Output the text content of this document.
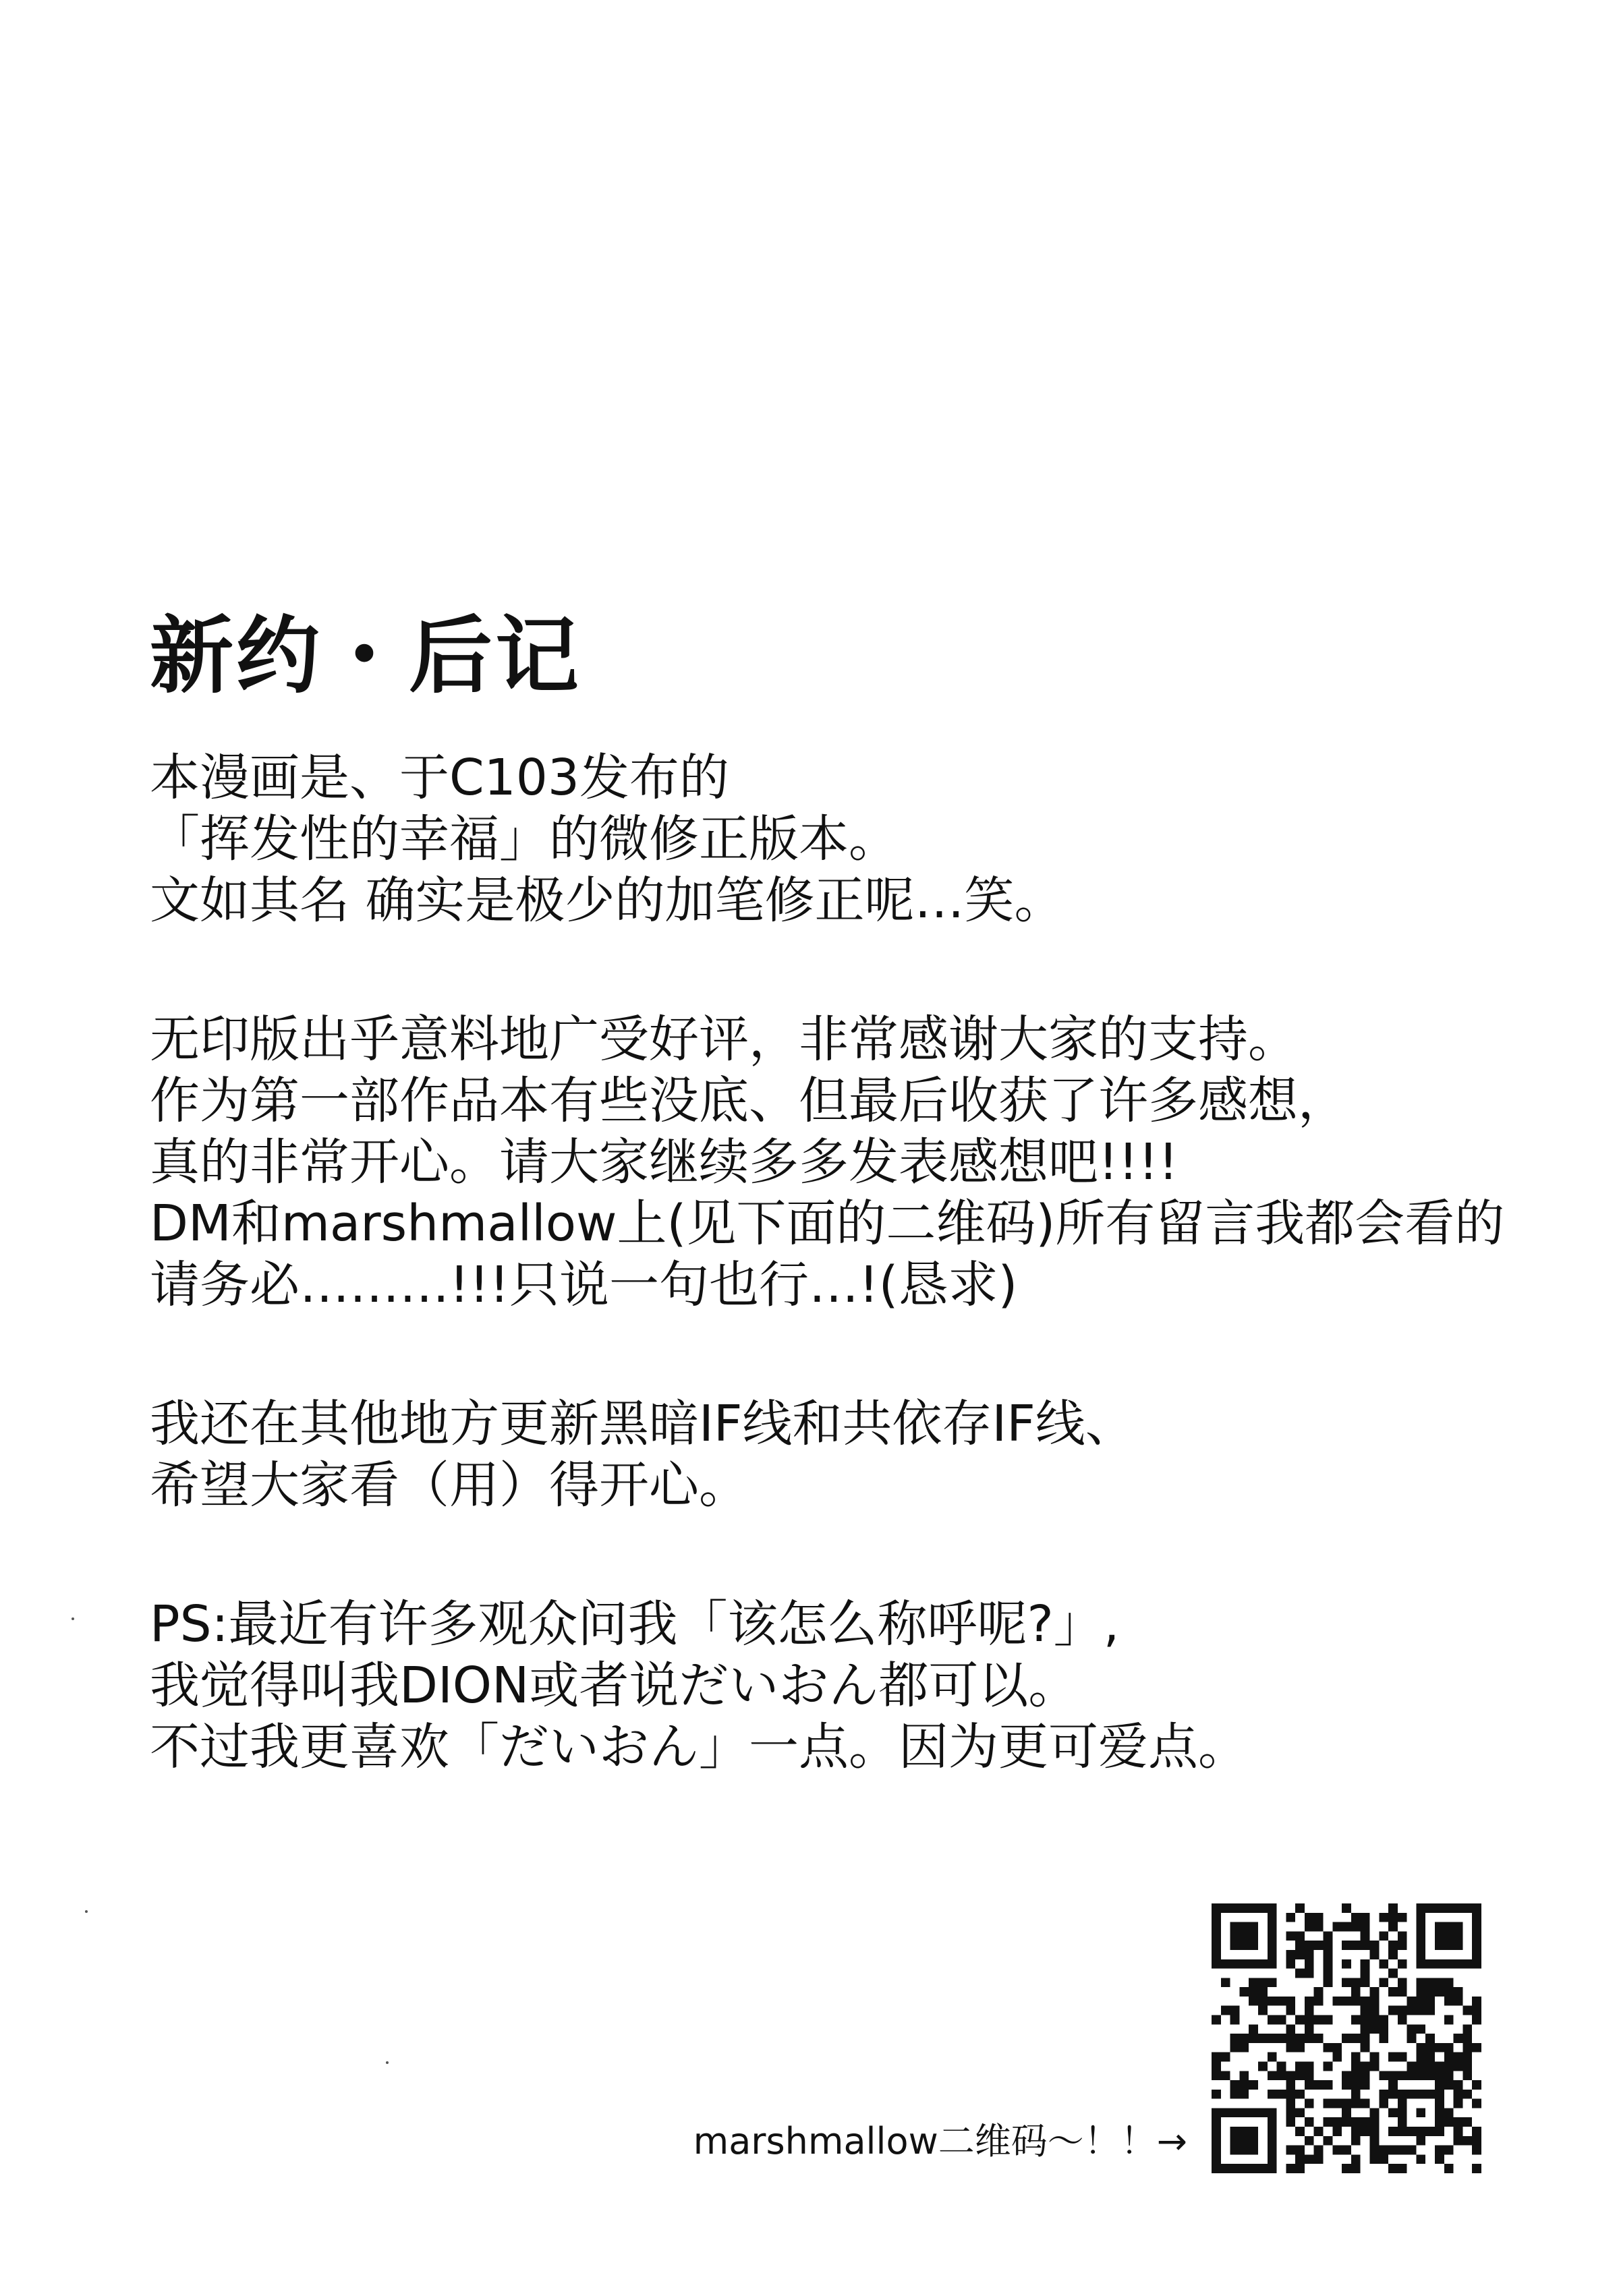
新约・后记
本漫画是、于C103发布的
「挥发性的幸福」的微修正版本。
文如其名 确实是极少的加笔修正呢…笑。
无印版出乎意料地广受好评，非常感谢大家的支持。
作为第一部作品本有些没底、但最后收获了许多感想，
真的非常开心。请大家继续多多发表感想吧!!!!
DM和marshmallow上(见下面的二维码)所有留言我都会看的
请务必………!!!只说一句也行…!(恳求)
我还在其他地方更新黑暗IF线和共依存IF线、
希望大家看（用）得开心。
PS:最近有许多观众问我「该怎么称呼呢?」,
我觉得叫我DION或者说だいおん都可以。
不过我更喜欢「だいおん」一点。因为更可爱点。
marshmallow二维码～！！→
